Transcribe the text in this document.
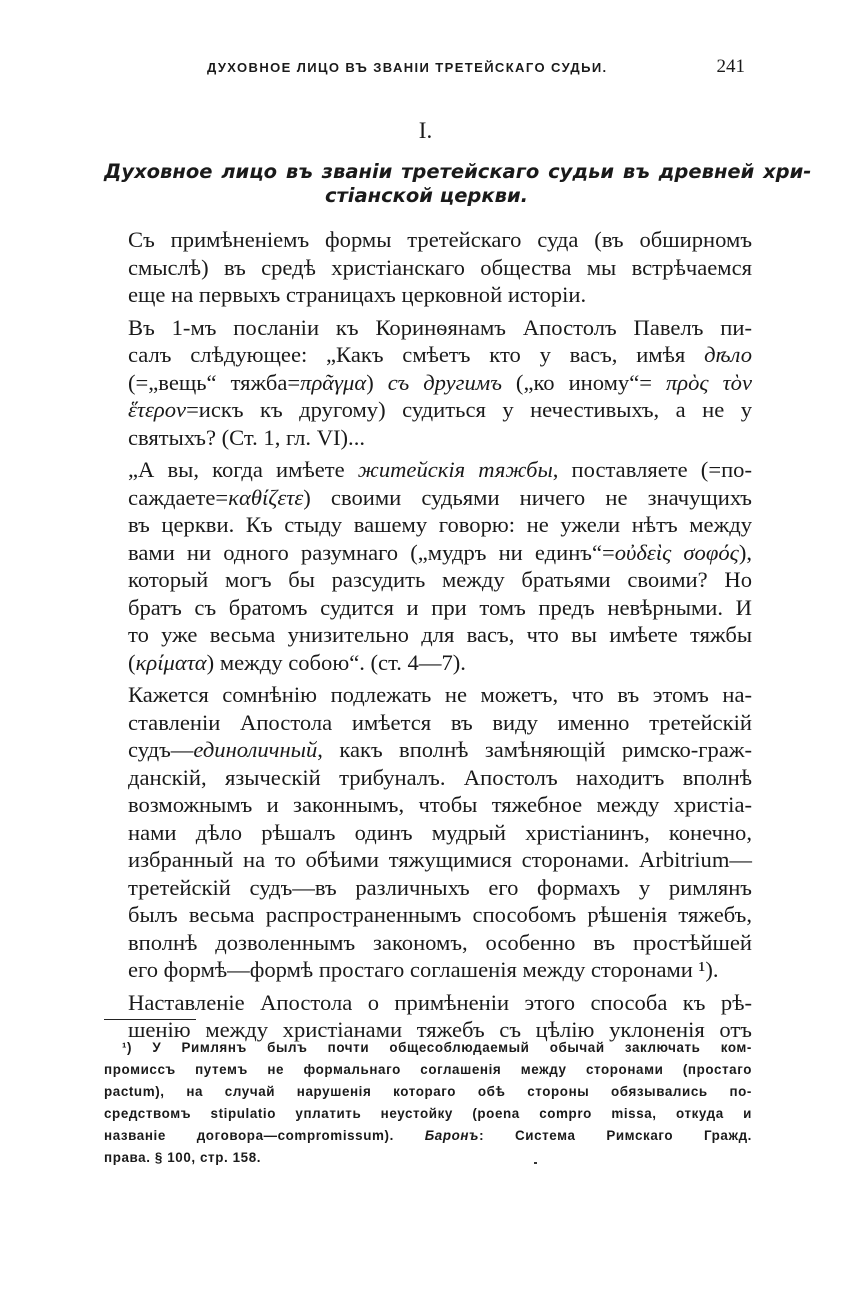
ДУХОВНОЕ ЛИЦО ВЪ ЗВАНІИ ТРЕТЕЙСКАГО СУДЬИ.	241
I.
Духовное лицо въ званіи третейскаго судьи въ древней хри-
стіанской церкви.
Съ примѣненіемъ формы третейскаго суда (въ обширномъ
смыслѣ) въ средѣ христіанскаго общества мы встрѣчаемся
еще на первыхъ страницахъ церковной исторіи.
Въ 1-мъ посланіи къ Коринѳянамъ Апостолъ Павелъ пи-
салъ слѣдующее: „Какъ смѣетъ кто у васъ, имѣя дѣло
(=„вещь“ тяжба=πρᾶγμα) съ другимъ („ко иному“= πρὸς τὸν
ἕτερον=искъ къ другому) судиться у нечестивыхъ, а не у
святыхъ? (Ст. 1, гл. VI)...
„А вы, когда имѣете житейскія тяжбы, поставляете (=по-
саждаете=καθίζετε) своими судьями ничего не значущихъ
въ церкви. Къ стыду вашему говорю: не ужели нѣтъ между
вами ни одного разумнаго („мудръ ни единъ“=οὐδεὶς σοφός),
который могъ бы разсудить между братьями своими? Но
братъ съ братомъ судится и при томъ предъ невѣрными. И
то уже весьма унизительно для васъ, что вы имѣете тяжбы
(κρίματα) между собою“. (ст. 4—7).
Кажется сомнѣнію подлежать не можетъ, что въ этомъ на-
ставленіи Апостола имѣется въ виду именно третейскій
судъ—единоличный, какъ вполнѣ замѣняющій римско-граж-
данскій, языческій трибуналъ. Апостолъ находитъ вполнѣ
возможнымъ и законнымъ, чтобы тяжебное между христіа-
нами дѣло рѣшалъ одинъ мудрый христіанинъ, конечно,
избранный на то обѣими тяжущимися сторонами. Arbitrium—
третейскій судъ—въ различныхъ его формахъ у римлянъ
былъ весьма распространеннымъ способомъ рѣшенія тяжебъ,
вполнѣ дозволеннымъ закономъ, особенно въ простѣйшей
его формѣ—формѣ простаго соглашенія между сторонами ¹).
Наставленіе Апостола о примѣненіи этого способа къ рѣ-
шенію между христіанами тяжебъ съ цѣлію уклоненія отъ
¹) У Римлянъ былъ почти общесоблюдаемый обычай заключать ком-
промиссъ путемъ не формальнаго соглашенія между сторонами (простаго
pactum), на случай нарушенія котораго обѣ стороны обязывались по-
средствомъ stipulatio уплатить неустойку (poena compro missa, откуда и
названіе договора—compromissum). Баронъ: Система Римскаго Гражд.
права. § 100, стр. 158.
